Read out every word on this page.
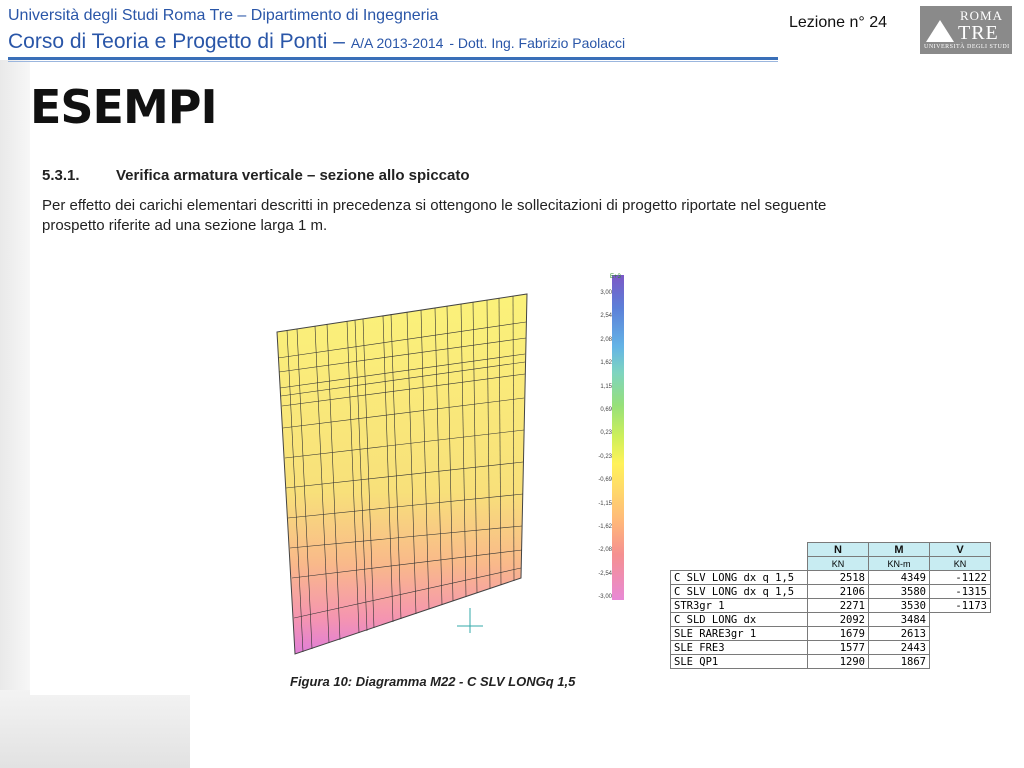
Università degli Studi Roma Tre – Dipartimento di Ingegneria
Corso di Teoria e Progetto di Ponti – A/A 2013-2014 - Dott. Ing. Fabrizio Paolacci
Lezione n° 24	ROMA
TRE
UNIVERSITÀ DEGLI STUDI
ESEMPI
5.3.1. Verifica armatura verticale – sezione allo spiccato
Per effetto dei carichi elementari descritti in precedenza si ottengono le sollecitazioni di progetto riportate nel seguente prospetto riferite ad una sezione larga 1 m.
3,00
2,54
2,08
1,62
1,15
0,69
0,23
-0,23
-0,69
-1,15
-1,62
-2,08
-2,54
-3,00
E+3
Figura 10: Diagramma M22 - C SLV LONGq 1,5
	N	M	V
	KN	KN-m	KN
C SLV LONG dx q 1,5	2518	4349	-1122
C SLV LONG dx q 1,5	2106	3580	-1315
STR3gr 1	2271	3530	-1173
C SLD LONG dx	2092	3484	
SLE RARE3gr 1	1679	2613	
SLE FRE3	1577	2443	
SLE QP1	1290	1867	
